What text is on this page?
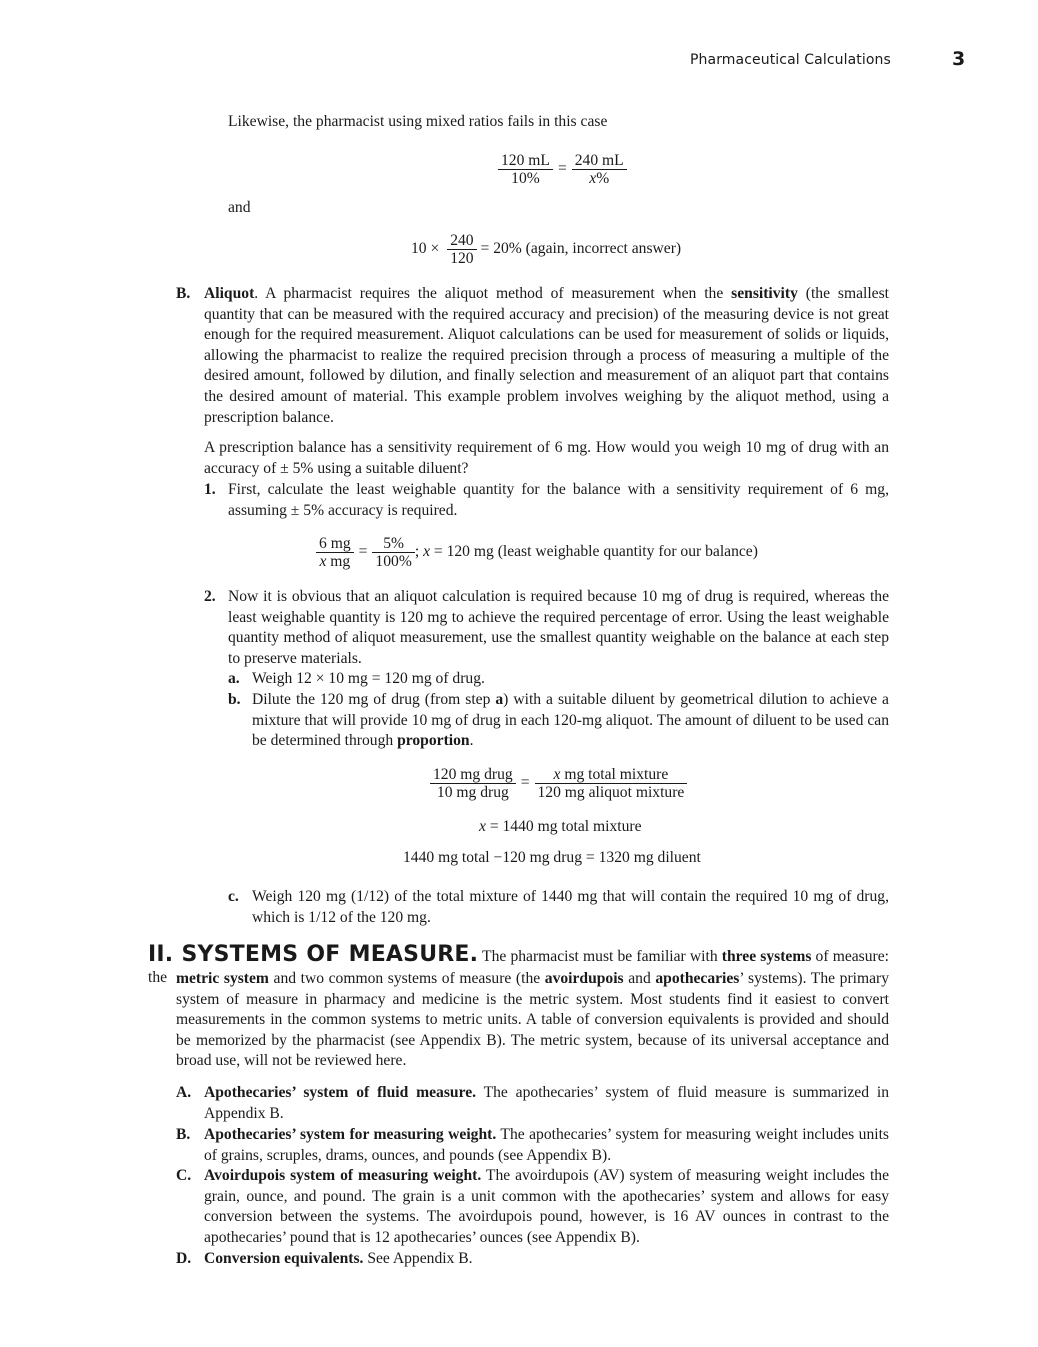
Pharmaceutical Calculations	3
Likewise, the pharmacist using mixed ratios fails in this case
$\frac{120 mL}{10\%} = \frac{240 mL}{x\%}$
and
$10 \times \frac{240}{120} = 20\%$ (again, incorrect answer)
B. Aliquot. A pharmacist requires the aliquot method of measurement when the sensitivity (the smallest quantity that can be measured with the required accuracy and precision) of the measuring device is not great enough for the required measurement. Aliquot calculations can be used for measurement of solids or liquids, allowing the pharmacist to realize the required precision through a process of measuring a multiple of the desired amount, followed by dilution, and finally selection and measurement of an aliquot part that contains the desired amount of material. This example problem involves weighing by the aliquot method, using a prescription balance.
A prescription balance has a sensitivity requirement of 6 mg. How would you weigh 10 mg of drug with an accuracy of ± 5% using a suitable diluent?
1. First, calculate the least weighable quantity for the balance with a sensitivity requirement of 6 mg, assuming ± 5% accuracy is required.
$\frac{6 mg}{\text{x mg}} = \frac{5\%}{100\%}$ ; x = 120 mg (least weighable quantity for our balance)
2. Now it is obvious that an aliquot calculation is required because 10 mg of drug is required, whereas the least weighable quantity is 120 mg to achieve the required percentage of error. Using the least weighable quantity method of aliquot measurement, use the smallest quantity weighable on the balance at each step to preserve materials.
a. Weigh 12 × 10 mg = 120 mg of drug.
b. Dilute the 120 mg of drug (from step a) with a suitable diluent by geometrical dilution to achieve a mixture that will provide 10 mg of drug in each 120-mg aliquot. The amount of diluent to be used can be determined through proportion.
$\frac{\text{120 mg drug}}{\text{10 mg drug}} = \frac{\text{x mg total mixture}}{\text{120 mg aliquot mixture}}$
x = 1440 mg total mixture
1440 mg total −120 mg drug = 1320 mg diluent
c. Weigh 120 mg (1/12) of the total mixture of 1440 mg that will contain the required 10 mg of drug, which is 1/12 of the 120 mg.
II. SYSTEMS OF MEASURE. The pharmacist must be familiar with three systems of measure: the metric system and two common systems of measure (the avoirdupois and apothecaries’ systems). The primary system of measure in pharmacy and medicine is the metric system. Most students find it easiest to convert measurements in the common systems to metric units. A table of conversion equivalents is provided and should be memorized by the pharmacist (see Appendix B). The metric system, because of its universal acceptance and broad use, will not be reviewed here.
A. Apothecaries’ system of fluid measure. The apothecaries’ system of fluid measure is summarized in Appendix B.
B. Apothecaries’ system for measuring weight. The apothecaries’ system for measuring weight includes units of grains, scruples, drams, ounces, and pounds (see Appendix B).
C. Avoirdupois system of measuring weight. The avoirdupois (AV) system of measuring weight includes the grain, ounce, and pound. The grain is a unit common with the apothecaries’ system and allows for easy conversion between the systems. The avoirdupois pound, however, is 16 AV ounces in contrast to the apothecaries’ pound that is 12 apothecaries’ ounces (see Appendix B).
D. Conversion equivalents. See Appendix B.
